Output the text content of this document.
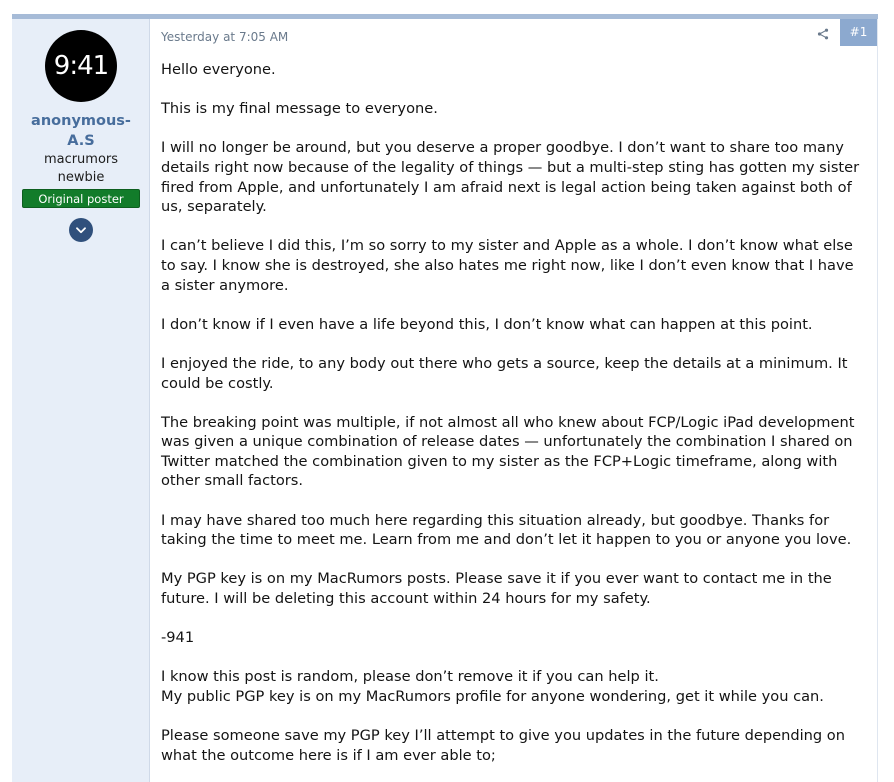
9:41
anonymous-A.S
macrumors newbie
Original poster
Yesterday at 7:05 AM	#1

Hello everyone.

This is my final message to everyone.

I will no longer be around, but you deserve a proper goodbye. I don’t want to share too many details right now because of the legality of things — but a multi-step sting has gotten my sister fired from Apple, and unfortunately I am afraid next is legal action being taken against both of us, separately.

I can’t believe I did this, I’m so sorry to my sister and Apple as a whole. I don’t know what else to say. I know she is destroyed, she also hates me right now, like I don’t even know that I have a sister anymore.

I don’t know if I even have a life beyond this, I don’t know what can happen at this point.

I enjoyed the ride, to any body out there who gets a source, keep the details at a minimum. It could be costly.

The breaking point was multiple, if not almost all who knew about FCP/Logic iPad development was given a unique combination of release dates — unfortunately the combination I shared on Twitter matched the combination given to my sister as the FCP+Logic timeframe, along with other small factors.

I may have shared too much here regarding this situation already, but goodbye. Thanks for taking the time to meet me. Learn from me and don’t let it happen to you or anyone you love.

My PGP key is on my MacRumors posts. Please save it if you ever want to contact me in the future. I will be deleting this account within 24 hours for my safety.

-941

I know this post is random, please don’t remove it if you can help it.

My public PGP key is on my MacRumors profile for anyone wondering, get it while you can.

Please someone save my PGP key I’ll attempt to give you updates in the future depending on what the outcome here is if I am ever able to;
